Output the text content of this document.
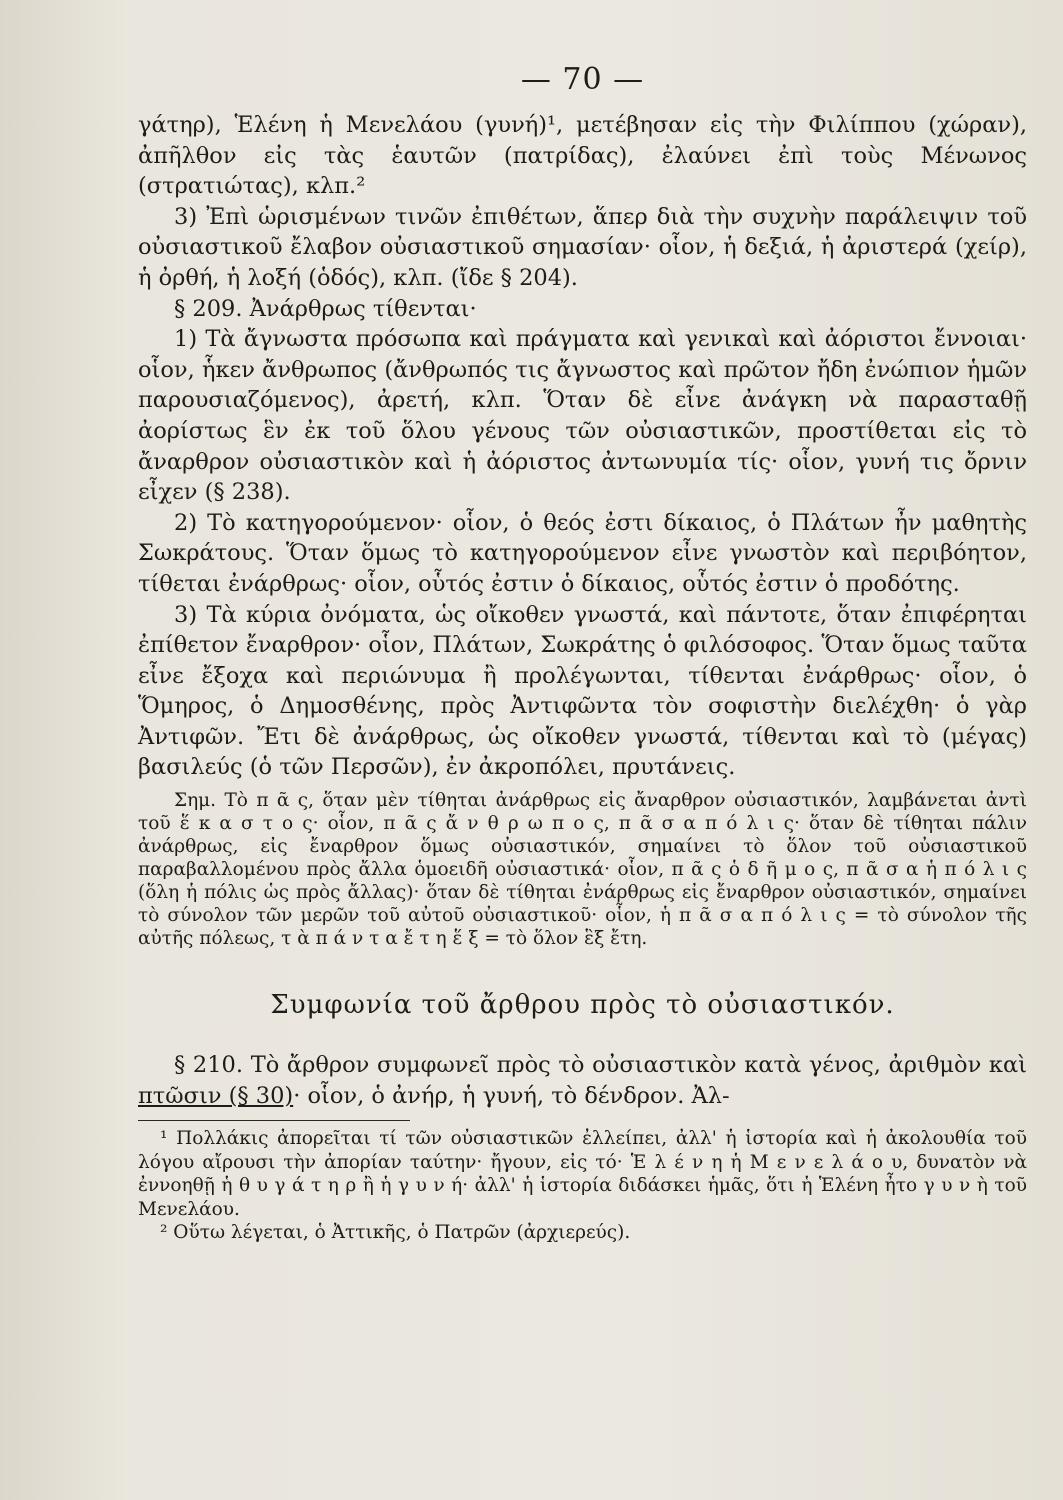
— 70 —

γάτηρ), Ἑλένη ἡ Μενελάου (γυνή)¹, μετέβησαν εἰς τὴν Φιλίππου (χώραν), ἀπῆλθον εἰς τὰς ἑαυτῶν (πατρίδας), ἐλαύνει ἐπὶ τοὺς Μένωνος (στρατιώτας), κλπ.²

3) Ἐπὶ ὡρισμένων τινῶν ἐπιθέτων, ἅπερ διὰ τὴν συχνὴν παράλειψιν τοῦ οὐσιαστικοῦ ἔλαβον οὐσιαστικοῦ σημασίαν· οἷον, ἡ δεξιά, ἡ ἀριστερά (χείρ), ἡ ὀρθή, ἡ λοξή (ὁδός), κλπ. (ἴδε § 204).

§ 209. Ἀνάρθρως τίθενται·

1) Τὰ ἄγνωστα πρόσωπα καὶ πράγματα καὶ γενικαὶ καὶ ἀόριστοι ἔννοιαι· οἷον, ἧκεν ἄνθρωπος (ἄνθρωπός τις ἄγνωστος καὶ πρῶτον ἤδη ἐνώπιον ἡμῶν παρουσιαζόμενος), ἀρετή, κλπ. Ὅταν δὲ εἶνε ἀνάγκη νὰ παρασταθῇ ἀορίστως ἓν ἐκ τοῦ ὅλου γένους τῶν οὐσιαστικῶν, προστίθεται εἰς τὸ ἄναρθρον οὐσιαστικὸν καὶ ἡ ἀόριστος ἀντωνυμία τίς· οἷον, γυνή τις ὄρνιν εἶχεν (§ 238).

2) Τὸ κατηγορούμενον· οἷον, ὁ θεός ἐστι δίκαιος, ὁ Πλάτων ἦν μαθητὴς Σωκράτους. Ὅταν ὅμως τὸ κατηγορούμενον εἶνε γνωστὸν καὶ περιβόητον, τίθεται ἐνάρθρως· οἷον, οὗτός ἐστιν ὁ δίκαιος, οὗτός ἐστιν ὁ προδότης.

3) Τὰ κύρια ὀνόματα, ὡς οἴκοθεν γνωστά, καὶ πάντοτε, ὅταν ἐπιφέρηται ἐπίθετον ἔναρθρον· οἷον, Πλάτων, Σωκράτης ὁ φιλόσοφος. Ὅταν ὅμως ταῦτα εἶνε ἔξοχα καὶ περιώνυμα ἢ προλέγωνται, τίθενται ἐνάρθρως· οἷον, ὁ Ὅμηρος, ὁ Δημοσθένης, πρὸς Ἀντιφῶντα τὸν σοφιστὴν διελέχθη· ὁ γὰρ Ἀντιφῶν. Ἔτι δὲ ἀνάρθρως, ὡς οἴκοθεν γνωστά, τίθενται καὶ τὸ (μέγας) βασιλεύς (ὁ τῶν Περσῶν), ἐν ἀκροπόλει, πρυτάνεις.

Σημ. Τὸ π ᾶ ς, ὅταν μὲν τίθηται ἀνάρθρως εἰς ἄναρθρον οὐσιαστικόν, λαμβάνεται ἀντὶ τοῦ ἕ κ α σ τ ο ς· οἷον, π ᾶ ς ἄ ν θ ρ ω π ο ς, π ᾶ σ α π ό λ ι ς· ὅταν δὲ τίθηται πάλιν ἀνάρθρως, εἰς ἔναρθρον ὅμως οὐσιαστικόν, σημαίνει τὸ ὅλον τοῦ οὐσιαστικοῦ παραβαλλομένου πρὸς ἄλλα ὁμοειδῆ οὐσιαστικά· οἷον, π ᾶ ς ὁ δ ῆ μ ο ς, π ᾶ σ α ἡ π ό λ ι ς (ὅλη ἡ πόλις ὡς πρὸς ἄλλας)· ὅταν δὲ τίθηται ἐνάρθρως εἰς ἔναρθρον οὐσιαστικόν, σημαίνει τὸ σύνολον τῶν μερῶν τοῦ αὐτοῦ οὐσιαστικοῦ· οἷον, ἡ π ᾶ σ α π ό λ ι ς = τὸ σύνολον τῆς αὐτῆς πόλεως, τ ὰ π ά ν τ α ἔ τ η ἕ ξ = τὸ ὅλον ἓξ ἔτη.

Συμφωνία τοῦ ἄρθρου πρὸς τὸ οὐσιαστικόν.

§ 210. Τὸ ἄρθρον συμφωνεῖ πρὸς τὸ οὐσιαστικὸν κατὰ γένος, ἀριθμὸν καὶ πτῶσιν (§ 30)· οἷον, ὁ ἀνήρ, ἡ γυνή, τὸ δένδρον. Ἀλ-

¹ Πολλάκις ἀπορεῖται τί τῶν οὐσιαστικῶν ἐλλείπει, ἀλλ' ἡ ἱστορία καὶ ἡ ἀκολουθία τοῦ λόγου αἴρουσι τὴν ἀπορίαν ταύτην· ἤγουν, εἰς τό· Ἑ λ έ ν η ἡ Μ ε ν ε λ ά ο υ, δυνατὸν νὰ ἐννοηθῇ ἡ θ υ γ ά τ η ρ ἢ ἡ γ υ ν ή· ἀλλ' ἡ ἱστορία διδάσκει ἡμᾶς, ὅτι ἡ Ἑλένη ἦτο γ υ ν ὴ τοῦ Μενελάου.

² Οὕτω λέγεται, ὁ Ἀττικῆς, ὁ Πατρῶν (ἀρχιερεύς).
